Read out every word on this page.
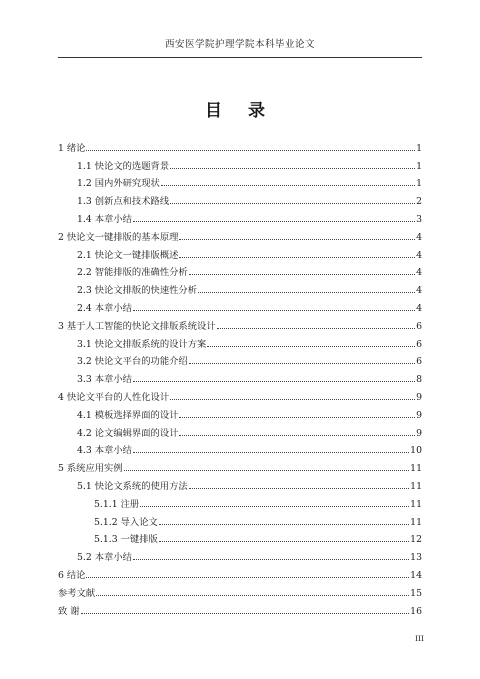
西安医学院护理学院本科毕业论文
目 录
1 绪论	1
1.1 快论文的选题背景	1
1.2 国内外研究现状	1
1.3 创新点和技术路线	2
1.4 本章小结	3
2 快论文一键排版的基本原理	4
2.1 快论文一键排版概述	4
2.2 智能排版的准确性分析	4
2.3 快论文排版的快速性分析	4
2.4 本章小结	4
3 基于人工智能的快论文排版系统设计	6
3.1 快论文排版系统的设计方案	6
3.2 快论文平台的功能介绍	6
3.3 本章小结	8
4 快论文平台的人性化设计	9
4.1 模板选择界面的设计	9
4.2 论文编辑界面的设计	9
4.3 本章小结	10
5 系统应用实例	11
5.1 快论文系统的使用方法	11
5.1.1 注册	11
5.1.2 导入论文	11
5.1.3 一键排版	12
5.2 本章小结	13
6 结论	14
参考文献	15
致 谢	16
III
